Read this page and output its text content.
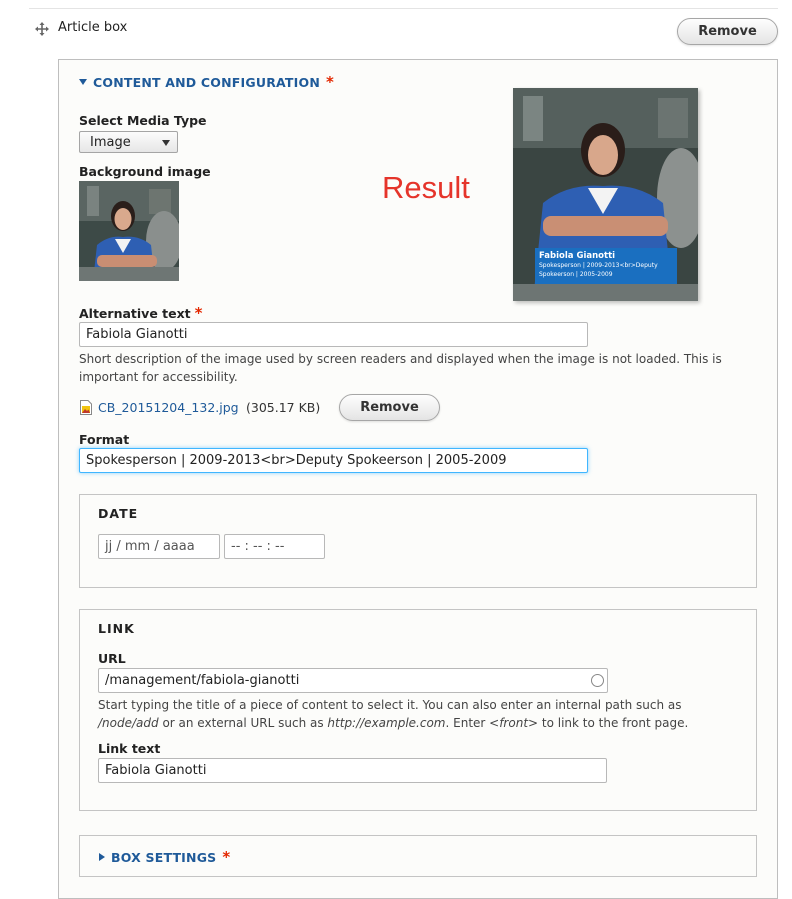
Article box	Remove
CONTENT AND CONFIGURATION *
Select Media Type
Image
Background image	Result
Fabiola Gianotti
Spokesperson | 2009-2013<br>Deputy
Spokeerson | 2005-2009
Alternative text *
Fabiola Gianotti
Short description of the image used by screen readers and displayed when the image is not loaded. This is important for accessibility.
CB_20151204_132.jpg (305.17 KB)	Remove
Format
Spokesperson | 2009-2013<br>Deputy Spokeerson | 2005-2009
DATE
jj / mm / aaaa	-- : -- : --
LINK
URL
/management/fabiola-gianotti
Start typing the title of a piece of content to select it. You can also enter an internal path such as
/node/add or an external URL such as http://example.com. Enter <front> to link to the front page.
Link text
Fabiola Gianotti
BOX SETTINGS *
